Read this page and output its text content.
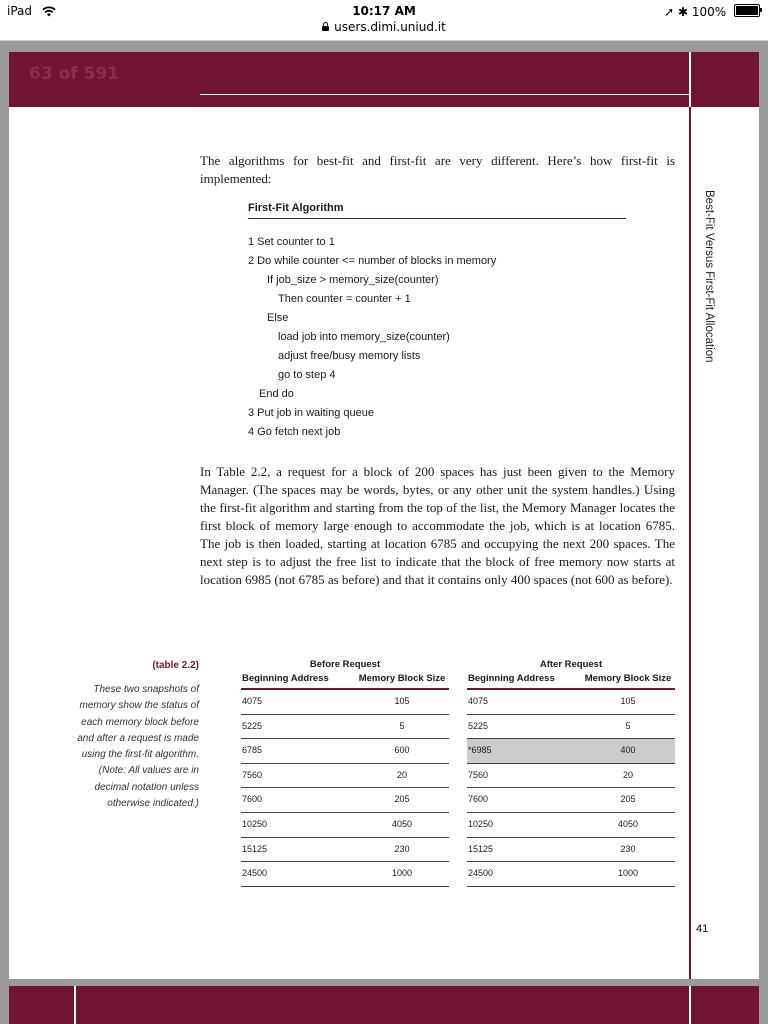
iPad	10:17 AM
users.dimi.uniud.it
➚ ✱ 100%
63 of 591
Best-Fit Versus First-Fit Allocation

The algorithms for best-fit and first-fit are very different. Here’s how first-fit is implemented:

First-Fit Algorithm
1 Set counter to 1
2 Do while counter <= number of blocks in memory
If job_size > memory_size(counter)
Then counter = counter + 1
Else
load job into memory_size(counter)
adjust free/busy memory lists
go to step 4
End do
3 Put job in waiting queue
4 Go fetch next job

In Table 2.2, a request for a block of 200 spaces has just been given to the Memory Manager. (The spaces may be words, bytes, or any other unit the system handles.) Using the first-fit algorithm and starting from the top of the list, the Memory Manager locates the first block of memory large enough to accommodate the job, which is at location 6785. The job is then loaded, starting at location 6785 and occupying the next 200 spaces. The next step is to adjust the free list to indicate that the block of free memory now starts at location 6985 (not 6785 as before) and that it contains only 400 spaces (not 600 as before).

(table 2.2)
These two snapshots of memory show the status of each memory block before and after a request is made using the first-fit algorithm. (Note: All values are in decimal notation unless otherwise indicated.)
Before Request
Beginning Address	Memory Block Size
4075	105
5225	5
6785	600
7560	20
7600	205
10250	4050
15125	230
24500	1000
After Request
Beginning Address	Memory Block Size
4075	105
5225	5
*6985	400
7560	20
7600	205
10250	4050
15125	230
24500	1000
41
